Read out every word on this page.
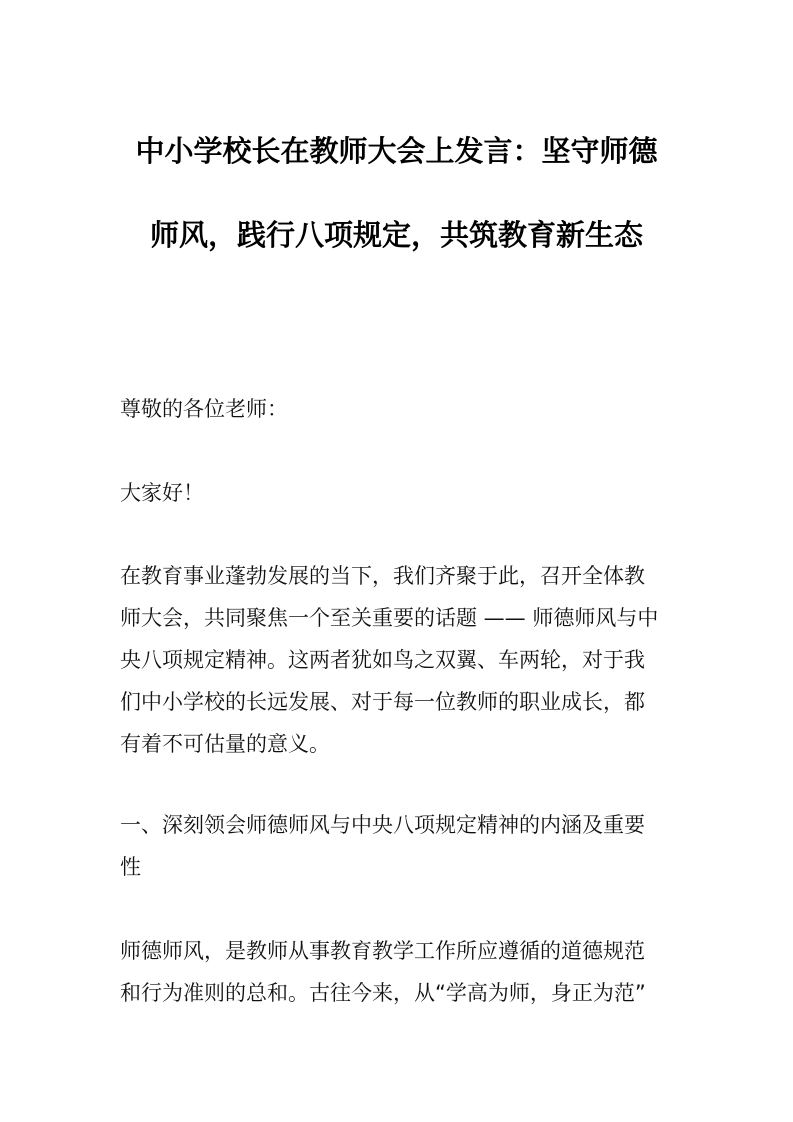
中小学校长在教师大会上发言：坚守师德
师风，践行八项规定，共筑教育新生态

尊敬的各位老师：

大家好！

在教育事业蓬勃发展的当下，我们齐聚于此，召开全体教
师大会，共同聚焦一个至关重要的话题 —— 师德师风与中
央八项规定精神。这两者犹如鸟之双翼、车两轮，对于我
们中小学校的长远发展、对于每一位教师的职业成长，都
有着不可估量的意义。

一、深刻领会师德师风与中央八项规定精神的内涵及重要
性

师德师风，是教师从事教育教学工作所应遵循的道德规范
和行为准则的总和。古往今来，从“学高为师，身正为范”
